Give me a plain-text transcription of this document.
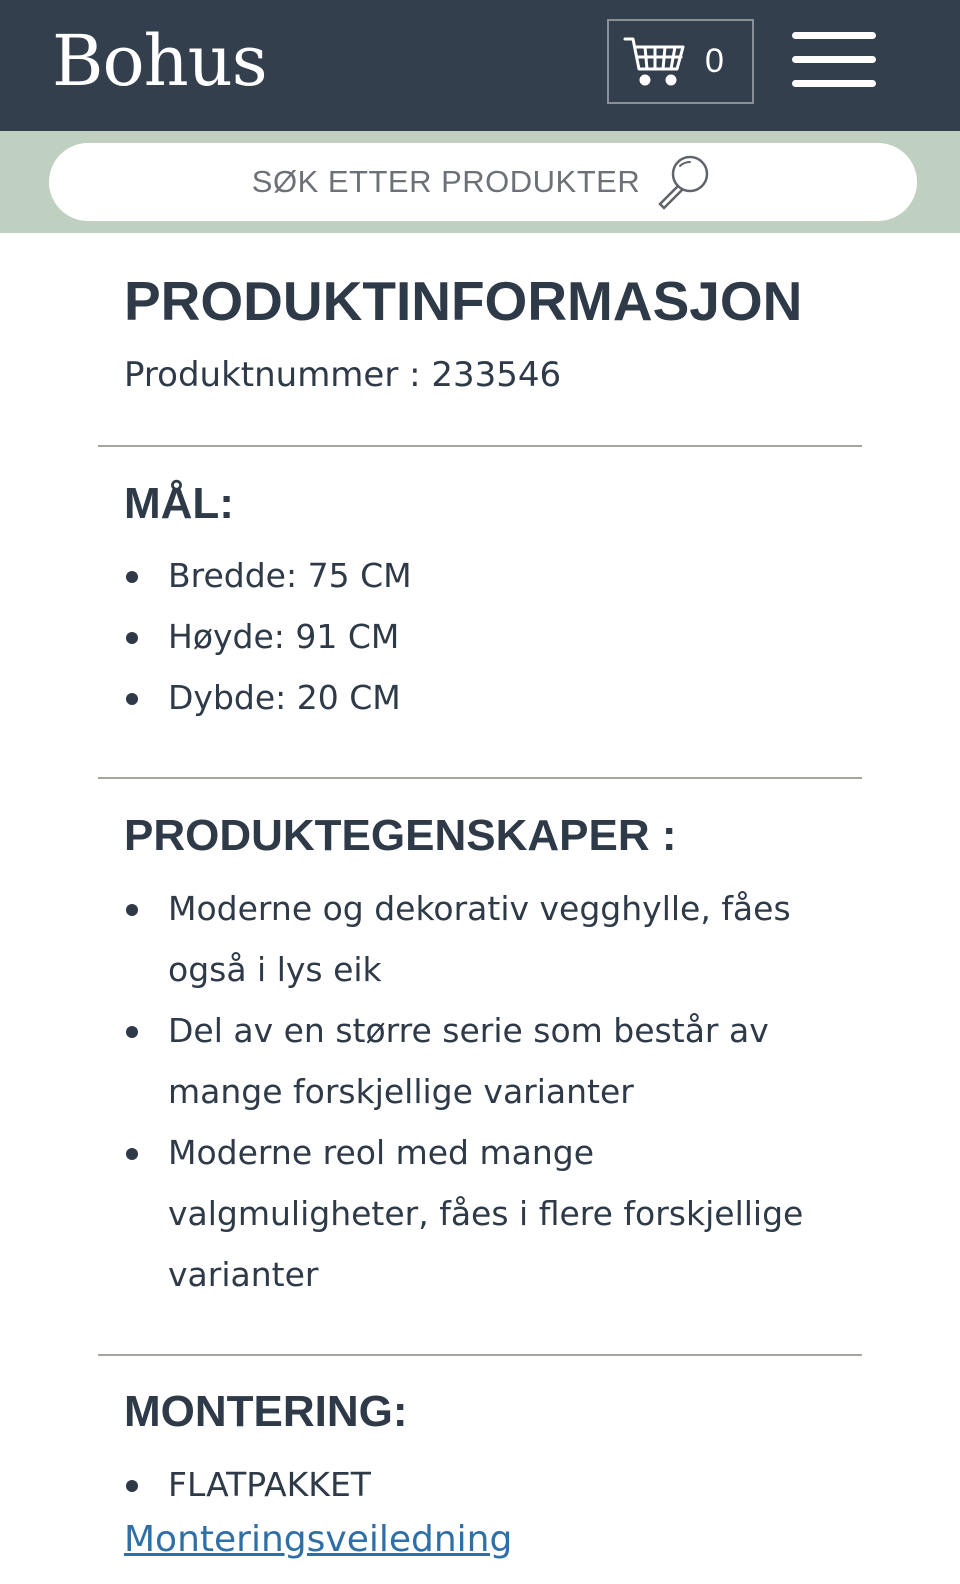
Bohus	0
SØK ETTER PRODUKTER
PRODUKTINFORMASJON
Produktnummer : 233546
MÅL:
Bredde: 75 CM
Høyde: 91 CM
Dybde: 20 CM
PRODUKTEGENSKAPER :
Moderne og dekorativ vegghylle, fåes også i lys eik
Del av en større serie som består av mange forskjellige varianter
Moderne reol med mange valgmuligheter, fåes i flere forskjellige varianter
MONTERING:
FLATPAKKET
Monteringsveiledning
